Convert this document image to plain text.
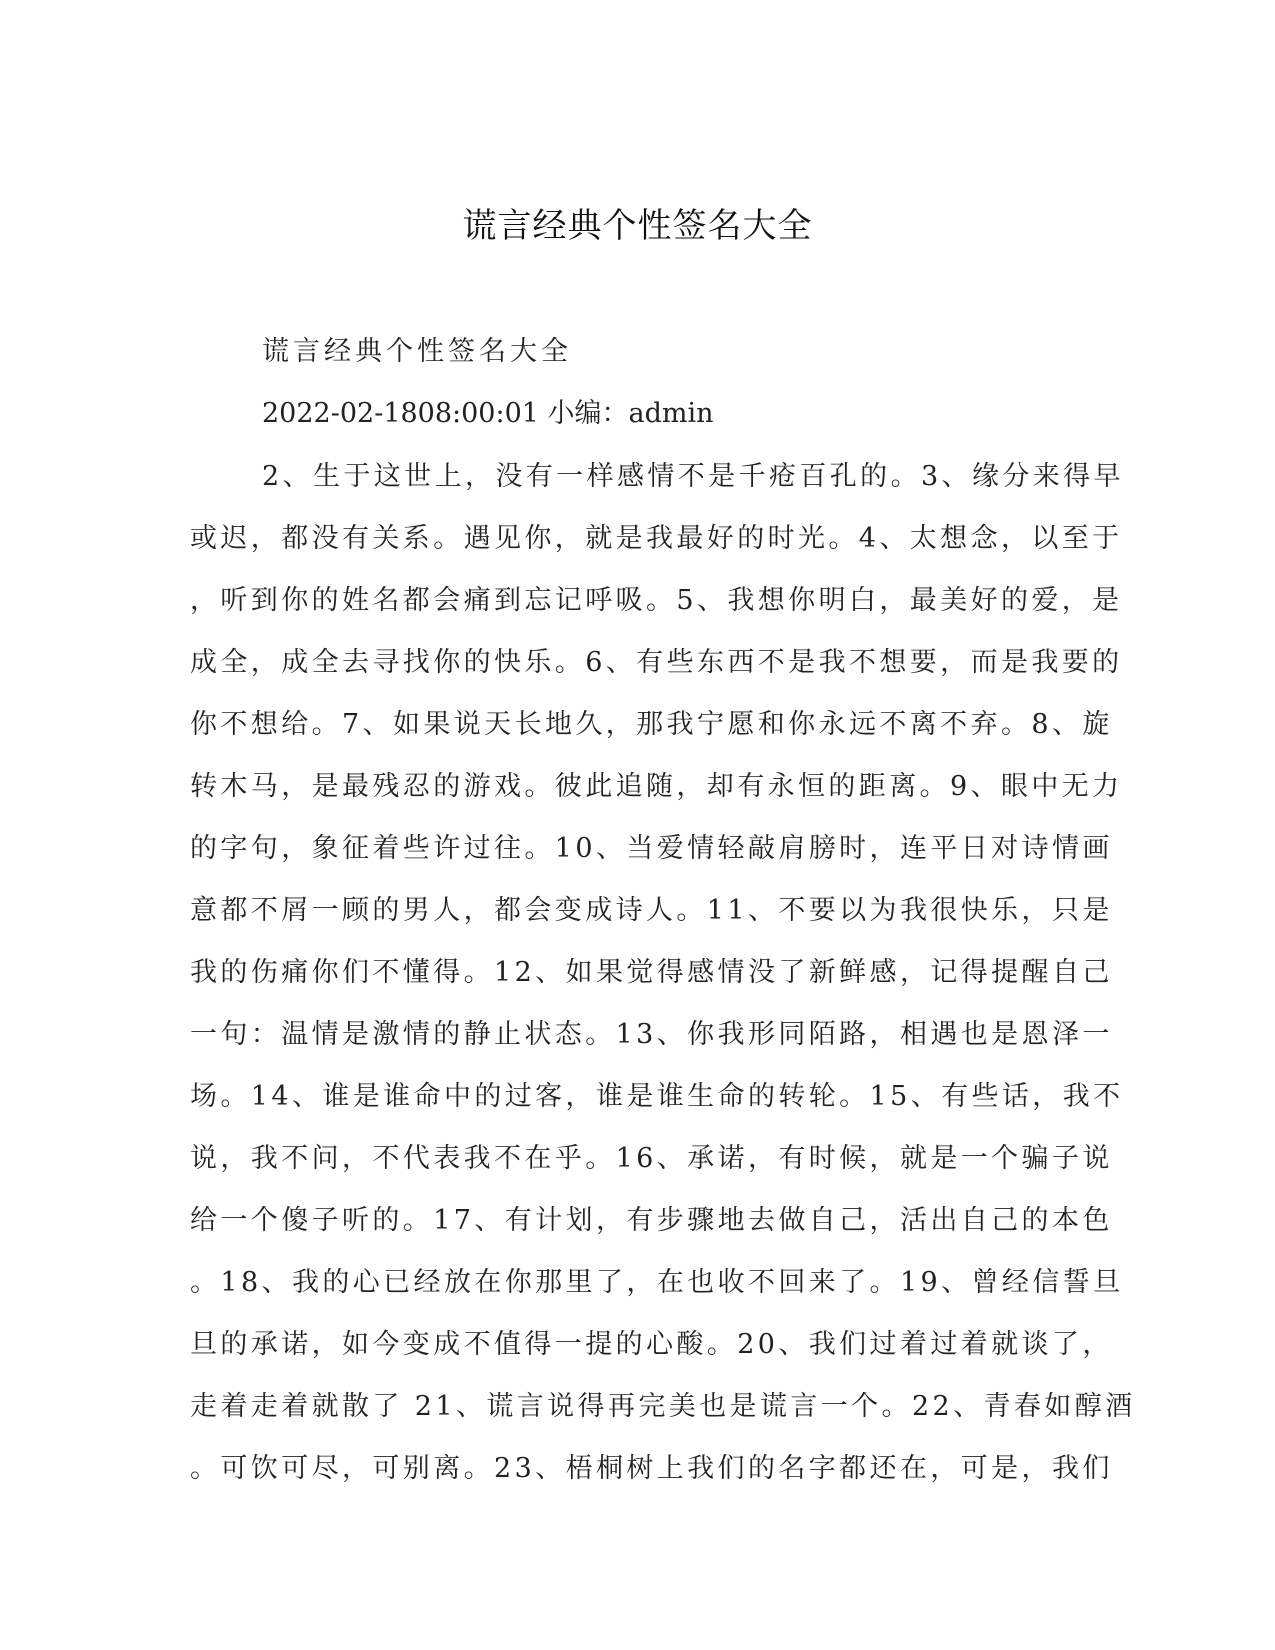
谎言经典个性签名大全

谎言经典个性签名大全

2022-02-1808:00:01 小编：admin

2、生于这世上，没有一样感情不是千疮百孔的。3、缘分来得早
或迟，都没有关系。遇见你，就是我最好的时光。4、太想念，以至于
，听到你的姓名都会痛到忘记呼吸。5、我想你明白，最美好的爱，是
成全，成全去寻找你的快乐。6、有些东西不是我不想要，而是我要的
你不想给。7、如果说天长地久，那我宁愿和你永远不离不弃。8、旋
转木马，是最残忍的游戏。彼此追随，却有永恒的距离。9、眼中无力
的字句，象征着些许过往。10、当爱情轻敲肩膀时，连平日对诗情画
意都不屑一顾的男人，都会变成诗人。11、不要以为我很快乐，只是
我的伤痛你们不懂得。12、如果觉得感情没了新鲜感，记得提醒自己
一句：温情是激情的静止状态。13、你我形同陌路，相遇也是恩泽一
场。14、谁是谁命中的过客，谁是谁生命的转轮。15、有些话，我不
说，我不问，不代表我不在乎。16、承诺，有时候，就是一个骗子说
给一个傻子听的。17、有计划，有步骤地去做自己，活出自己的本色
。18、我的心已经放在你那里了，在也收不回来了。19、曾经信誓旦
旦的承诺，如今变成不值得一提的心酸。20、我们过着过着就谈了，
走着走着就散了 21、谎言说得再完美也是谎言一个。22、青春如醇酒
。可饮可尽，可别离。23、梧桐树上我们的名字都还在，可是，我们
